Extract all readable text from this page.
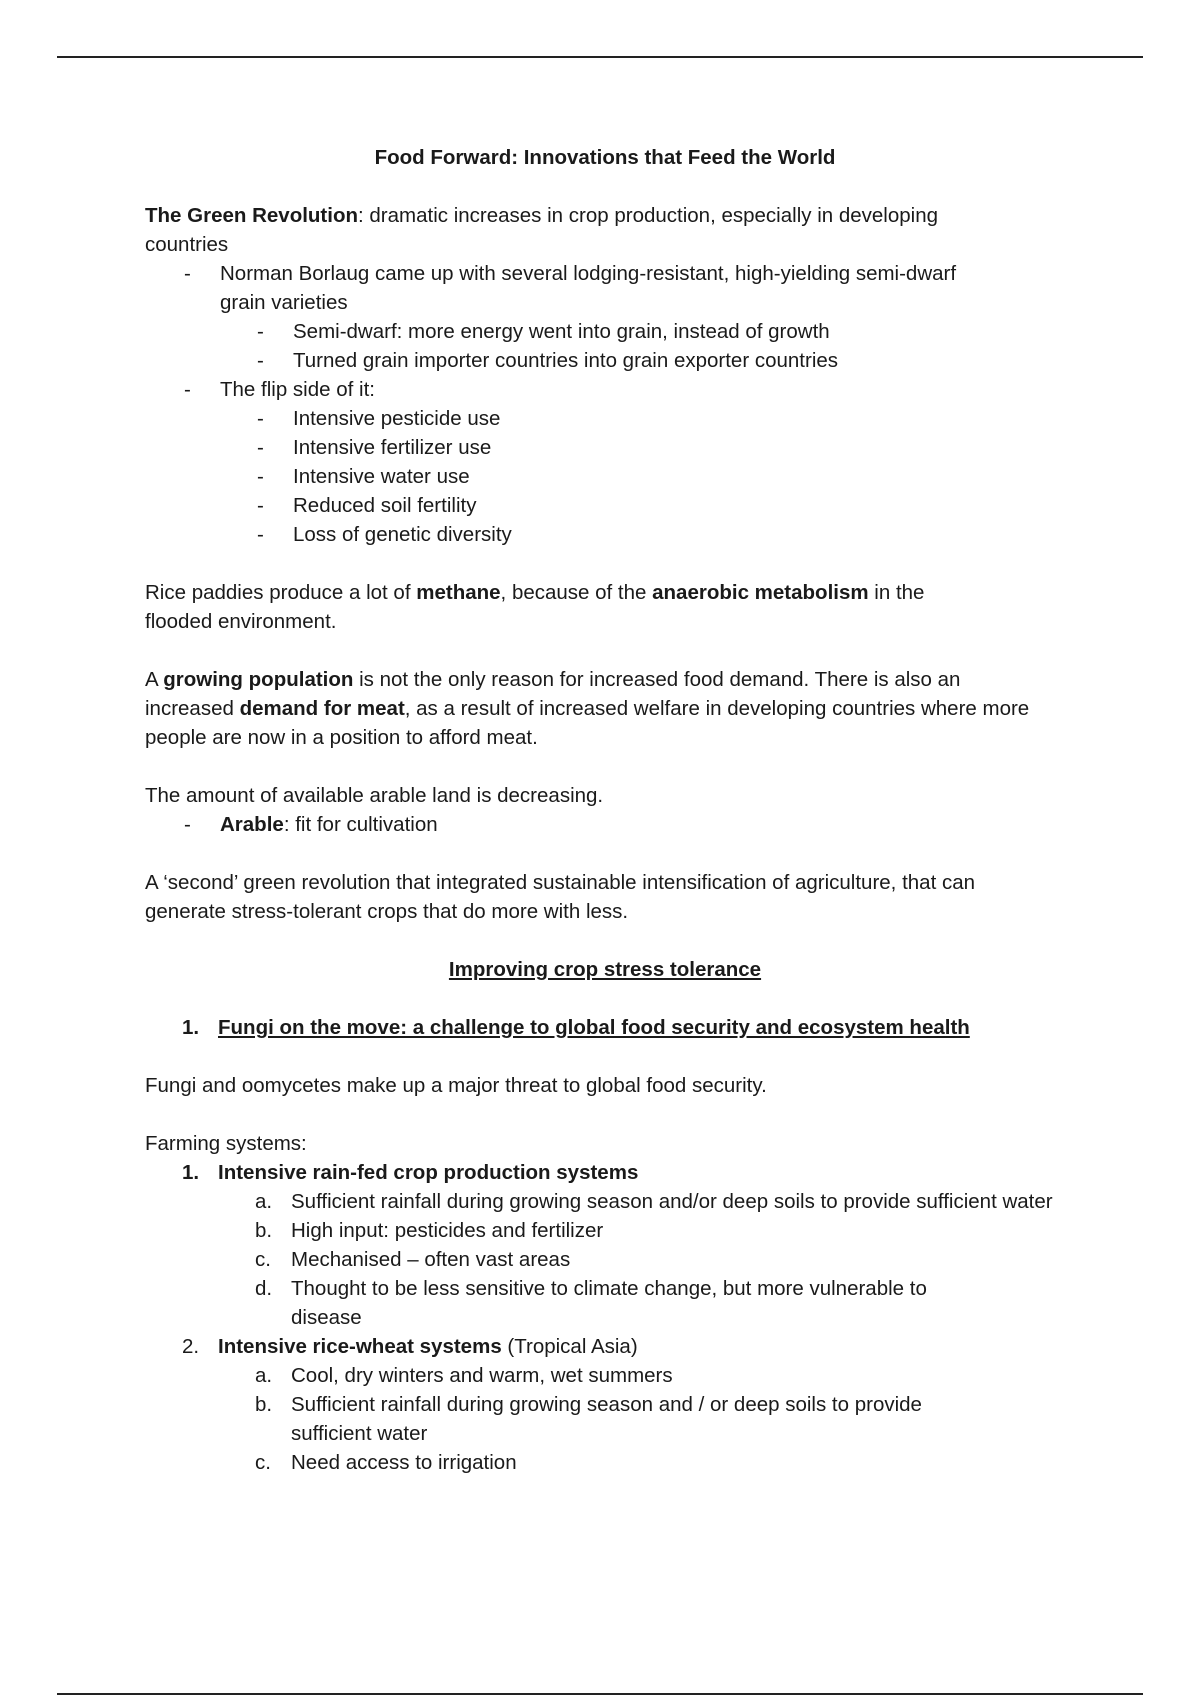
Food Forward: Innovations that Feed the World

The Green Revolution: dramatic increases in crop production, especially in developing countries

-	Norman Borlaug came up with several lodging-resistant, high-yielding semi-dwarf grain varieties
-	Semi-dwarf: more energy went into grain, instead of growth
-	Turned grain importer countries into grain exporter countries
-	The flip side of it:
-	Intensive pesticide use
-	Intensive fertilizer use
-	Intensive water use
-	Reduced soil fertility
-	Loss of genetic diversity

Rice paddies produce a lot of methane, because of the anaerobic metabolism in the flooded environment.

A growing population is not the only reason for increased food demand. There is also an increased demand for meat, as a result of increased welfare in developing countries where more people are now in a position to afford meat.

The amount of available arable land is decreasing.

-	Arable: fit for cultivation

A ‘second’ green revolution that integrated sustainable intensification of agriculture, that can generate stress-tolerant crops that do more with less.

Improving crop stress tolerance

1. Fungi on the move: a challenge to global food security and ecosystem health

Fungi and oomycetes make up a major threat to global food security.

Farming systems:

1. Intensive rain-fed crop production systems
a. Sufficient rainfall during growing season and/or deep soils to provide sufficient water
b. High input: pesticides and fertilizer
c. Mechanised – often vast areas
d. Thought to be less sensitive to climate change, but more vulnerable to disease
2. Intensive rice-wheat systems (Tropical Asia)
a. Cool, dry winters and warm, wet summers
b. Sufficient rainfall during growing season and / or deep soils to provide sufficient water
c. Need access to irrigation
